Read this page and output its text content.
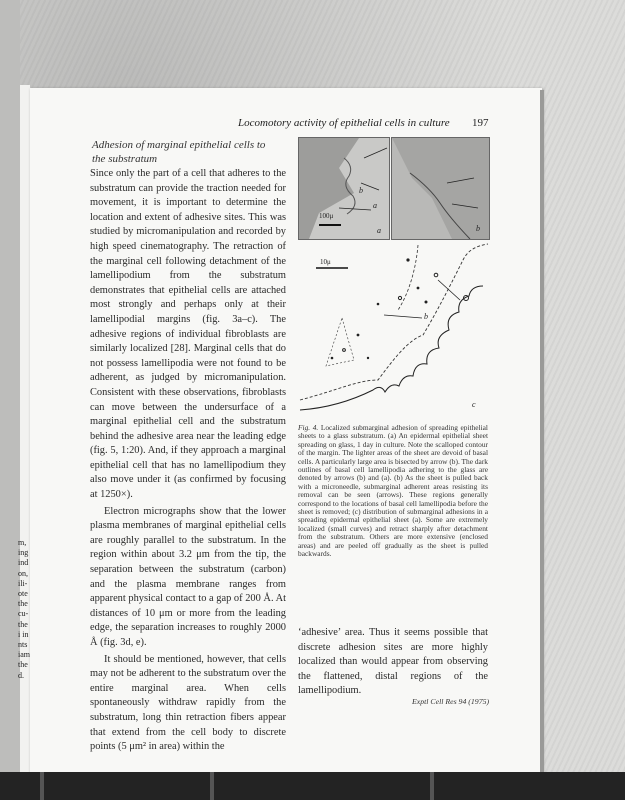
m,
ing
ind
on,
ili-
ote
the
cu-
the
i in
nts
iam
the
d.
Locomotory activity of epithelial cells in culture 197
Adhesion of marginal epithelial cells to
the substratum

Since only the part of a cell that adheres to the substratum can provide the traction needed for movement, it is important to determine the location and extent of adhesive sites. This was studied by micromanipulation and recorded by high speed cinematography. The retraction of the marginal cell following detachment of the lamellipodium from the substratum demonstrates that epithelial cells are attached most strongly and perhaps only at their lamellipodial margins (fig. 3a–c). The adhesive regions of individual fibroblasts are similarly localized [28]. Marginal cells that do not possess lamellipodia were not found to be adherent, as judged by micromanipulation. Consistent with these observations, fibroblasts can move between the undersurface of a marginal epithelial cell and the substratum behind the adhesive area near the leading edge (fig. 5, 1:20). And, if they approach a marginal epithelial cell that has no lamellipodium they also move under it (as confirmed by focusing at 1250×).

Electron micrographs show that the lower plasma membranes of marginal epithelial cells are roughly parallel to the substratum. In the region within about 3.2 μm from the tip, the separation between the substratum (carbon) and the plasma membrane ranges from apparent physical contact to a gap of 200 Å. At distances of 10 μm or more from the leading edge, the separation increases to roughly 2000 Å (fig. 3d, e).

It should be mentioned, however, that cells may not be adherent to the substratum over the entire marginal area. When cells spontaneously withdraw rapidly from the substratum, long thin retraction fibers appear that extend from the cell body to discrete points (5 μm² in area) within the

b
a
100μ
a	b
10μ
b
c
Fig. 4. Localized submarginal adhesion of spreading epithelial sheets to a glass substratum. (a) An epidermal epithelial sheet spreading on glass, 1 day in culture. Note the scalloped contour of the margin. The lighter areas of the sheet are devoid of basal cells. A particularly large area is bisected by arrow (b). The dark outlines of basal cell lamellipodia adhering to the glass are denoted by arrows (b) and (a). (b) As the sheet is pulled back with a microneedle, submarginal adherent areas resisting its removal can be seen (arrows). These regions generally correspond to the locations of basal cell lamellipodia before the sheet is removed; (c) distribution of submarginal adhesions in a spreading epidermal epithelial sheet (a). Some are extremely localized (small curves) and retract sharply after detachment from the substratum. Others are more extensive (enclosed areas) and are peeled off gradually as the sheet is pulled backwards.
‘adhesive’ area. Thus it seems possible that discrete adhesion sites are more highly localized than would appear from observing the flattened, distal regions of the lamellipodium.
Exptl Cell Res 94 (1975)
